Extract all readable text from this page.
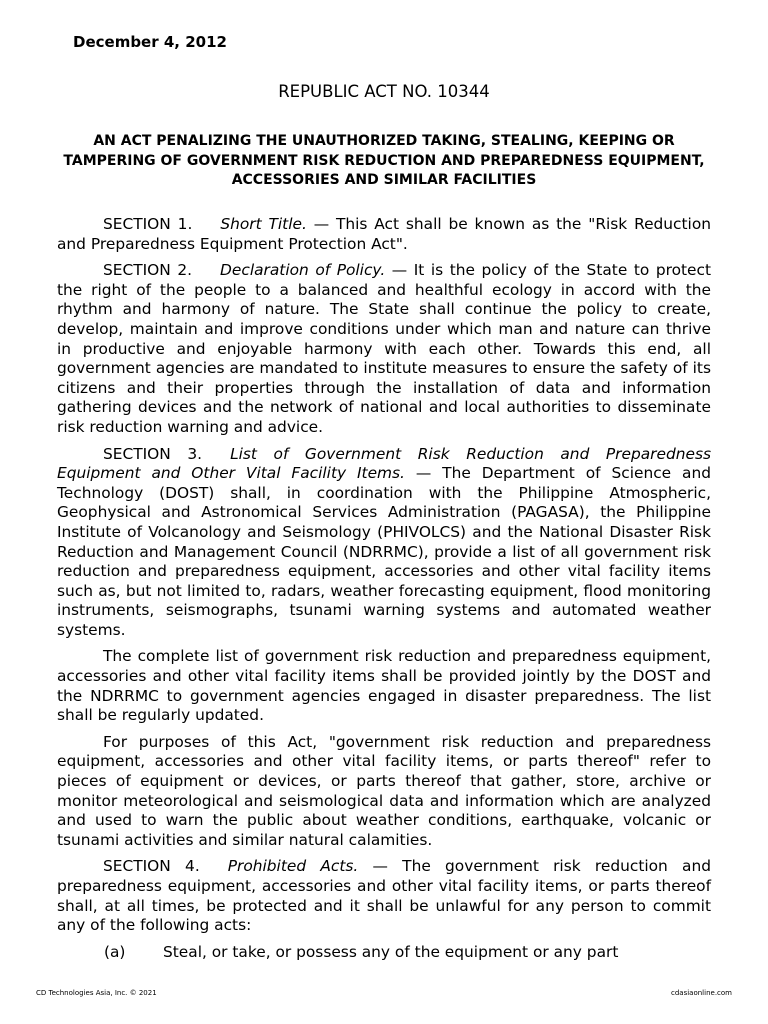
December 4, 2012
REPUBLIC ACT NO. 10344
AN ACT PENALIZING THE UNAUTHORIZED TAKING, STEALING, KEEPING OR TAMPERING OF GOVERNMENT RISK REDUCTION AND PREPAREDNESS EQUIPMENT, ACCESSORIES AND SIMILAR FACILITIES

SECTION 1. Short Title. — This Act shall be known as the "Risk Reduction and Preparedness Equipment Protection Act".

SECTION 2. Declaration of Policy. — It is the policy of the State to protect the right of the people to a balanced and healthful ecology in accord with the rhythm and harmony of nature. The State shall continue the policy to create, develop, maintain and improve conditions under which man and nature can thrive in productive and enjoyable harmony with each other. Towards this end, all government agencies are mandated to institute measures to ensure the safety of its citizens and their properties through the installation of data and information gathering devices and the network of national and local authorities to disseminate risk reduction warning and advice.

SECTION 3. List of Government Risk Reduction and Preparedness Equipment and Other Vital Facility Items. — The Department of Science and Technology (DOST) shall, in coordination with the Philippine Atmospheric, Geophysical and Astronomical Services Administration (PAGASA), the Philippine Institute of Volcanology and Seismology (PHIVOLCS) and the National Disaster Risk Reduction and Management Council (NDRRMC), provide a list of all government risk reduction and preparedness equipment, accessories and other vital facility items such as, but not limited to, radars, weather forecasting equipment, flood monitoring instruments, seismographs, tsunami warning systems and automated weather systems.

The complete list of government risk reduction and preparedness equipment, accessories and other vital facility items shall be provided jointly by the DOST and the NDRRMC to government agencies engaged in disaster preparedness. The list shall be regularly updated.

For purposes of this Act, "government risk reduction and preparedness equipment, accessories and other vital facility items, or parts thereof" refer to pieces of equipment or devices, or parts thereof that gather, store, archive or monitor meteorological and seismological data and information which are analyzed and used to warn the public about weather conditions, earthquake, volcanic or tsunami activities and similar natural calamities.

SECTION 4. Prohibited Acts. — The government risk reduction and preparedness equipment, accessories and other vital facility items, or parts thereof shall, at all times, be protected and it shall be unlawful for any person to commit any of the following acts:

(a)	Steal, or take, or possess any of the equipment or any part
CD Technologies Asia, Inc. © 2021	cdasiaonline.com
